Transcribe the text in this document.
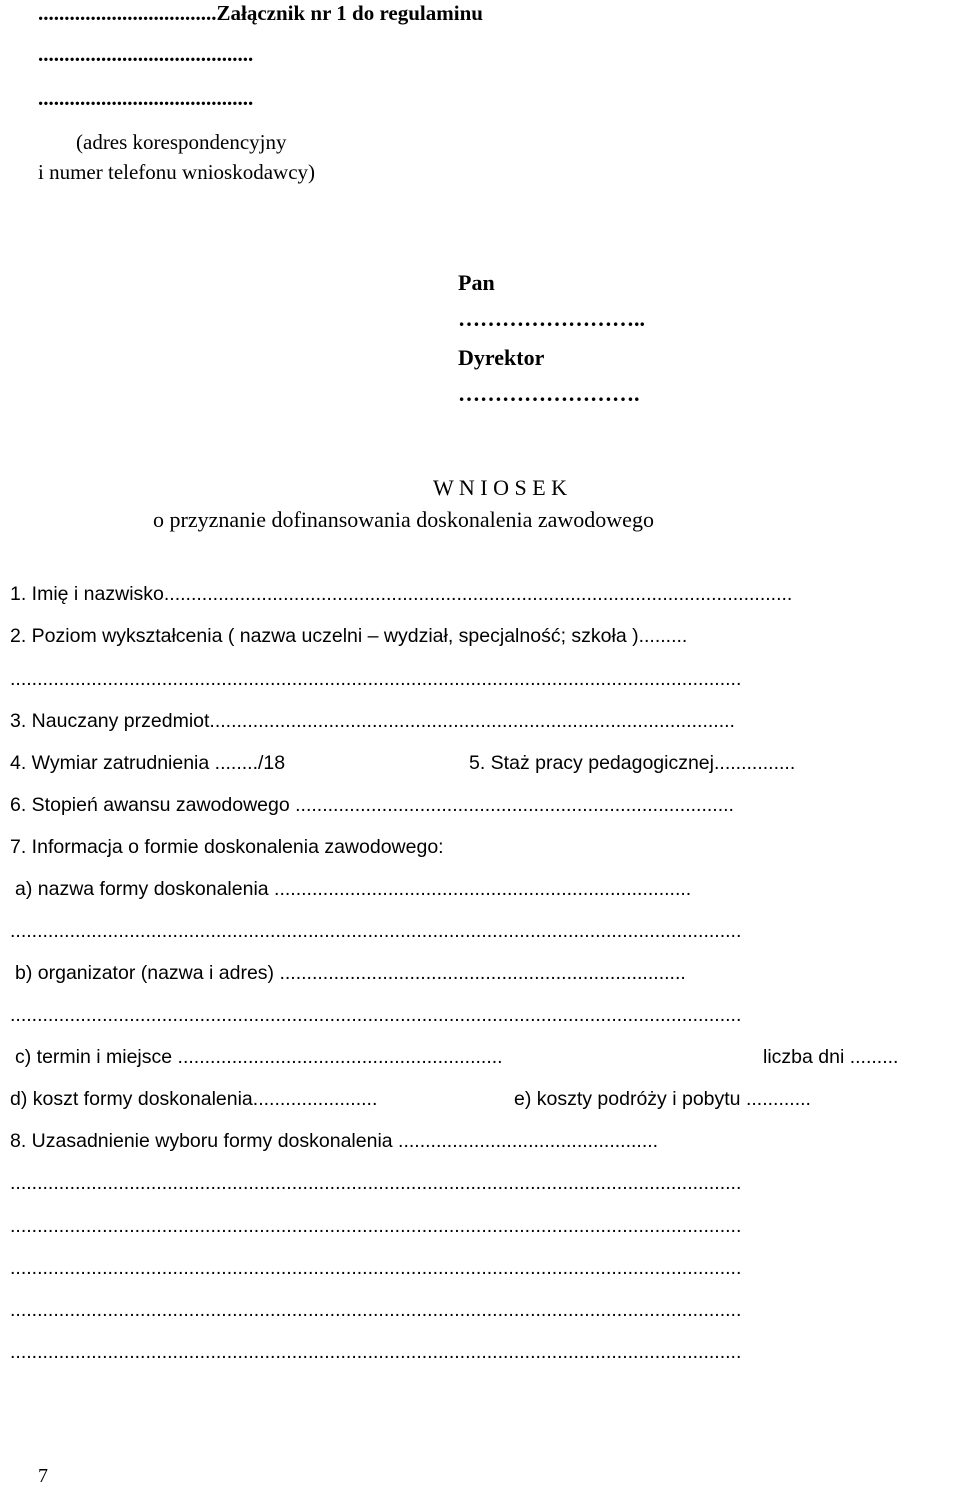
..................................Załącznik nr 1 do regulaminu
.........................................
.........................................
(adres korespondencyjny
i numer telefonu wnioskodawcy)
Pan
……………………..
Dyrektor
…………………….
W N I O S E K
o przyznanie dofinansowania doskonalenia zawodowego
1. Imię i nazwisko....................................................................................................................
2. Poziom wykształcenia ( nazwa uczelni – wydział, specjalność; szkoła ).........
.......................................................................................................................................
3. Nauczany przedmiot.................................................................................................
4. Wymiar zatrudnienia ......../18	5. Staż pracy pedagogicznej...............
6. Stopień awansu zawodowego .................................................................................
7. Informacja o formie doskonalenia zawodowego:
a) nazwa formy doskonalenia .............................................................................
.......................................................................................................................................
b) organizator (nazwa i adres) ...........................................................................
.......................................................................................................................................
c) termin i miejsce ............................................................	liczba dni .........
d) koszt formy doskonalenia.......................	e) koszty podróży i pobytu ............
8. Uzasadnienie wyboru formy doskonalenia ................................................
.......................................................................................................................................
.......................................................................................................................................
.......................................................................................................................................
.......................................................................................................................................
.......................................................................................................................................
7
